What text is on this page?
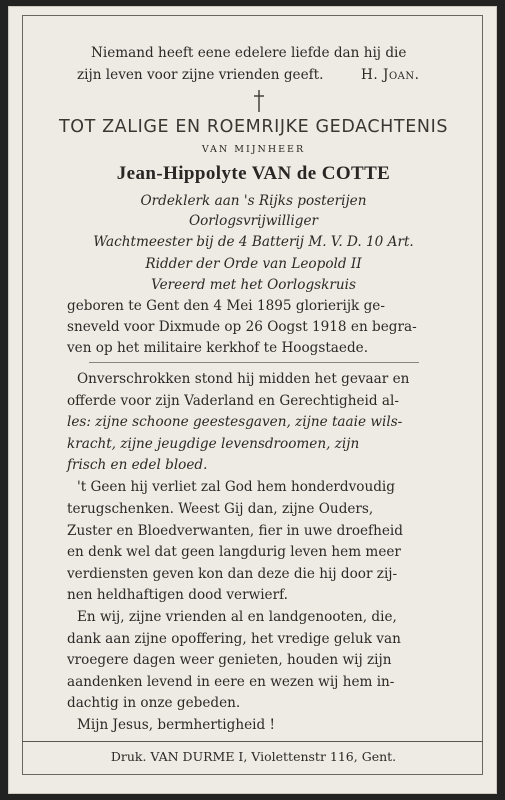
Niemand heeft eene edelere liefde dan hij die
zijn leven voor zijne vrienden geeft.	H. Joan.
TOT ZALIGE EN ROEMRIJKE GEDACHTENIS
VAN MIJNHEER
Jean-Hippolyte VAN de COTTE
Ordeklerk aan 's Rijks posterijen
Oorlogsvrijwilliger
Wachtmeester bij de 4 Batterij M. V. D. 10 Art.
Ridder der Orde van Leopold II
Vereerd met het Oorlogskruis
geboren te Gent den 4 Mei 1895 glorierijk ge-
sneveld voor Dixmude op 26 Oogst 1918 en begra-
ven op het militaire kerkhof te Hoogstaede.
Onverschrokken stond hij midden het gevaar en
offerde voor zijn Vaderland en Gerechtigheid al-
les: zijne schoone geestesgaven, zijne taaie wils-
kracht, zijne jeugdige levensdroomen, zijn
frisch en edel bloed.
't Geen hij verliet zal God hem honderdvoudig
terugschenken. Weest Gij dan, zijne Ouders,
Zuster en Bloedverwanten, fier in uwe droefheid
en denk wel dat geen langdurig leven hem meer
verdiensten geven kon dan deze die hij door zij-
nen heldhaftigen dood verwierf.
En wij, zijne vrienden al en landgenooten, die,
dank aan zijne opoffering, het vredige geluk van
vroegere dagen weer genieten, houden wij zijn
aandenken levend in eere en wezen wij hem in-
dachtig in onze gebeden.
Mijn Jesus, bermhertigheid !
Druk. VAN DURME I, Violettenstr 116, Gent.
